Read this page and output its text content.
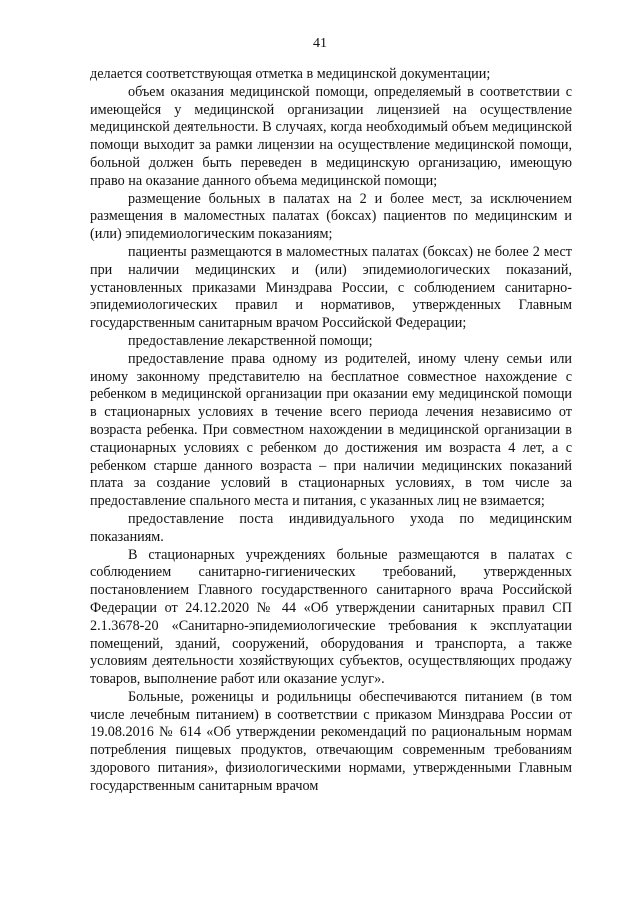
41

делается соответствующая отметка в медицинской документации;

объем оказания медицинской помощи, определяемый в соответствии с имеющейся у медицинской организации лицензией на осуществление медицинской деятельности. В случаях, когда необходимый объем медицинской помощи выходит за рамки лицензии на осуществление медицинской помощи, больной должен быть переведен в медицинскую организацию, имеющую право на оказание данного объема медицинской помощи;

размещение больных в палатах на 2 и более мест, за исключением размещения в маломестных палатах (боксах) пациентов по медицинским и (или) эпидемиологическим показаниям;

пациенты размещаются в маломестных палатах (боксах) не более 2 мест при наличии медицинских и (или) эпидемиологических показаний, установленных приказами Минздрава России, с соблюдением санитарно-эпидемиологических правил и нормативов, утвержденных Главным государственным санитарным врачом Российской Федерации;

предоставление лекарственной помощи;

предоставление права одному из родителей, иному члену семьи или иному законному представителю на бесплатное совместное нахождение с ребенком в медицинской организации при оказании ему медицинской помощи в стационарных условиях в течение всего периода лечения независимо от возраста ребенка. При совместном нахождении в медицинской организации в стационарных условиях с ребенком до достижения им возраста 4 лет, а с ребенком старше данного возраста – при наличии медицинских показаний плата за создание условий в стационарных условиях, в том числе за предоставление спального места и питания, с указанных лиц не взимается;

предоставление поста индивидуального ухода по медицинским показаниям.

В стационарных учреждениях больные размещаются в палатах с соблюдением санитарно-гигиенических требований, утвержденных постановлением Главного государственного санитарного врача Российской Федерации от 24.12.2020 № 44 «Об утверждении санитарных правил СП 2.1.3678-20 «Санитарно-эпидемиологические требования к эксплуатации помещений, зданий, сооружений, оборудования и транспорта, а также условиям деятельности хозяйствующих субъектов, осуществляющих продажу товаров, выполнение работ или оказание услуг».

Больные, роженицы и родильницы обеспечиваются питанием (в том числе лечебным питанием) в соответствии с приказом Минздрава России от 19.08.2016 № 614 «Об утверждении рекомендаций по рациональным нормам потребления пищевых продуктов, отвечающим современным требованиям здорового питания», физиологическими нормами, утвержденными Главным государственным санитарным врачом
